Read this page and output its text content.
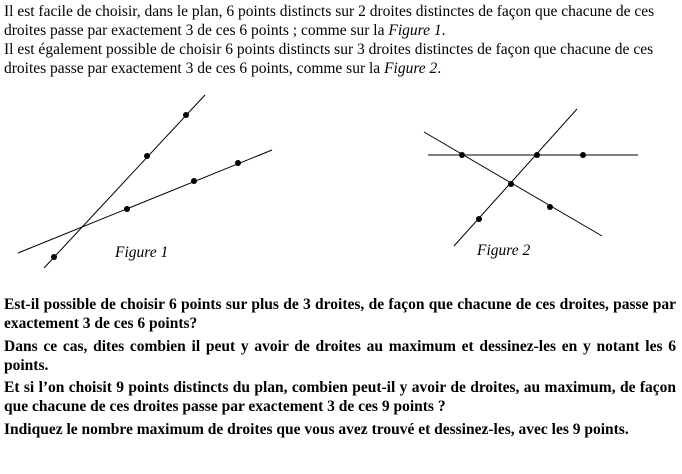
Il est facile de choisir, dans le plan, 6 points distincts sur 2 droites distinctes de façon que chacune de ces droites passe par exactement 3 de ces 6 points ; comme sur la Figure 1.

Il est également possible de choisir 6 points distincts sur 3 droites distinctes de façon que chacune de ces droites passe par exactement 3 de ces 6 points, comme sur la Figure 2.

Figure 1	Figure 2

Est-il possible de choisir 6 points sur plus de 3 droites, de façon que chacune de ces droites, passe par exactement 3 de ces 6 points?

Dans ce cas, dites combien il peut y avoir de droites au maximum et dessinez-les en y notant les 6 points.

Et si l’on choisit 9 points distincts du plan, combien peut-il y avoir de droites, au maximum, de façon que chacune de ces droites passe par exactement 3 de ces 9 points ?

Indiquez le nombre maximum de droites que vous avez trouvé et dessinez-les, avec les 9 points.
